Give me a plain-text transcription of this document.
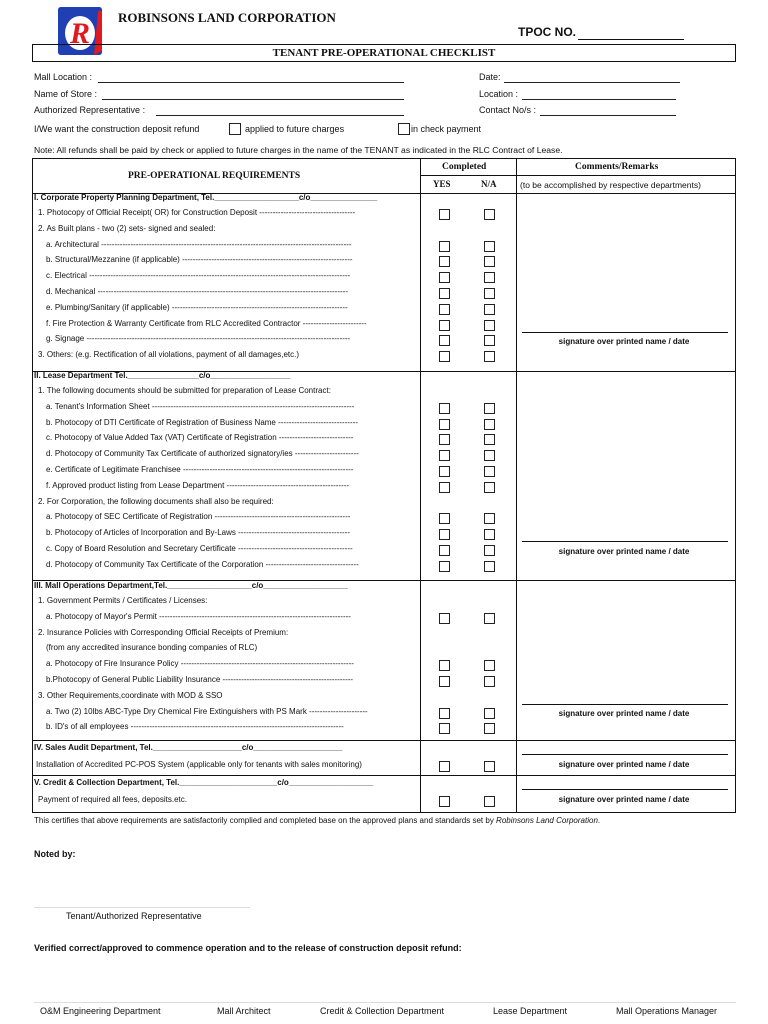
R ROBINSONS LAND CORPORATION
TPOC NO.
TENANT PRE-OPERATIONAL CHECKLIST
Mall Location :	Date:
Name of Store :	Location :
Authorized Representative :	Contact No/s :
I/We want the construction deposit refund	applied to future charges	in check payment
Note: All refunds shall be paid by check or applied to future charges in the name of the TENANT as indicated in the RLC Contract of Lease.
PRE-OPERATIONAL REQUIREMENTS
Completed
YES	N/A
Comments/Remarks
(to be accomplished by respective departments)
I. Corporate Property Planning Department, Tel.___________________c/o_______________
1. Photocopy of Official Receipt( OR) for Construction Deposit ------------------------------------
2. As Built plans - two (2) sets- signed and sealed:
a. Architectural ----------------------------------------------------------------------------------------------
b. Structural/Mezzanine (if applicable) ----------------------------------------------------------------
c. Electrical --------------------------------------------------------------------------------------------------
d. Mechanical ----------------------------------------------------------------------------------------------
e. Plumbing/Sanitary (if applicable) ------------------------------------------------------------------
f. Fire Protection & Warranty Certificate from RLC Accredited Contractor ------------------------
g. Signage ---------------------------------------------------------------------------------------------------
3. Others: (e.g. Rectification of all violations, payment of all damages,etc.)
II. Lease Department Tel.________________c/o__________________
1. The following documents should be submitted for preparation of Lease Contract:
a. Tenant's Information Sheet ----------------------------------------------------------------------------
b. Photocopy of DTI Certificate of Registration of Business Name ------------------------------
c. Photocopy of Value Added Tax (VAT) Certificate of Registration ----------------------------
d. Photocopy of Community Tax Certificate of authorized signatory/ies ------------------------
e. Certificate of Legitimate Franchisee ----------------------------------------------------------------
f. Approved product listing from Lease Department ----------------------------------------------
2. For Corporation, the following documents shall also be required:
a. Photocopy of SEC Certificate of Registration ---------------------------------------------------
b. Photocopy of Articles of Incorporation and By-Laws ------------------------------------------
c. Copy of Board Resolution and Secretary Certificate -------------------------------------------
d. Photocopy of Community Tax Certificate of the Corporation -----------------------------------
III. Mall Operations Department,Tel.___________________c/o___________________
1. Government Permits / Certificates / Licenses:
a. Photocopy of Mayor's Permit ------------------------------------------------------------------------
2. Insurance Policies with Corresponding Official Receipts of Premium:
(from any accredited insurance bonding companies of RLC)
a. Photocopy of Fire Insurance Policy -----------------------------------------------------------------
b.Photocopy of General Public Liability Insurance -------------------------------------------------
3. Other Requirements,coordinate with MOD & SSO
a. Two (2) 10lbs ABC-Type Dry Chemical Fire Extinguishers with PS Mark ----------------------
b. ID's of all employees --------------------------------------------------------------------------------
IV. Sales Audit Department, Tel.____________________c/o____________________
Installation of Accredited PC-POS System (applicable only for tenants with sales monitoring)
V. Credit & Collection Department, Tel.______________________c/o___________________
Payment of required all fees, deposits.etc.
signature over printed name / date
signature over printed name / date
signature over printed name / date
signature over printed name / date
signature over printed name / date
This certifies that above requirements are satisfactorily complied and completed base on the approved plans and standards set by Robinsons Land Corporation.
Noted by:
Tenant/Authorized Representative
Verified correct/approved to commence operation and to the release of construction deposit refund:
O&M Engineering Department	Mall Architect	Credit & Collection Department	Lease Department	Mall Operations Manager
